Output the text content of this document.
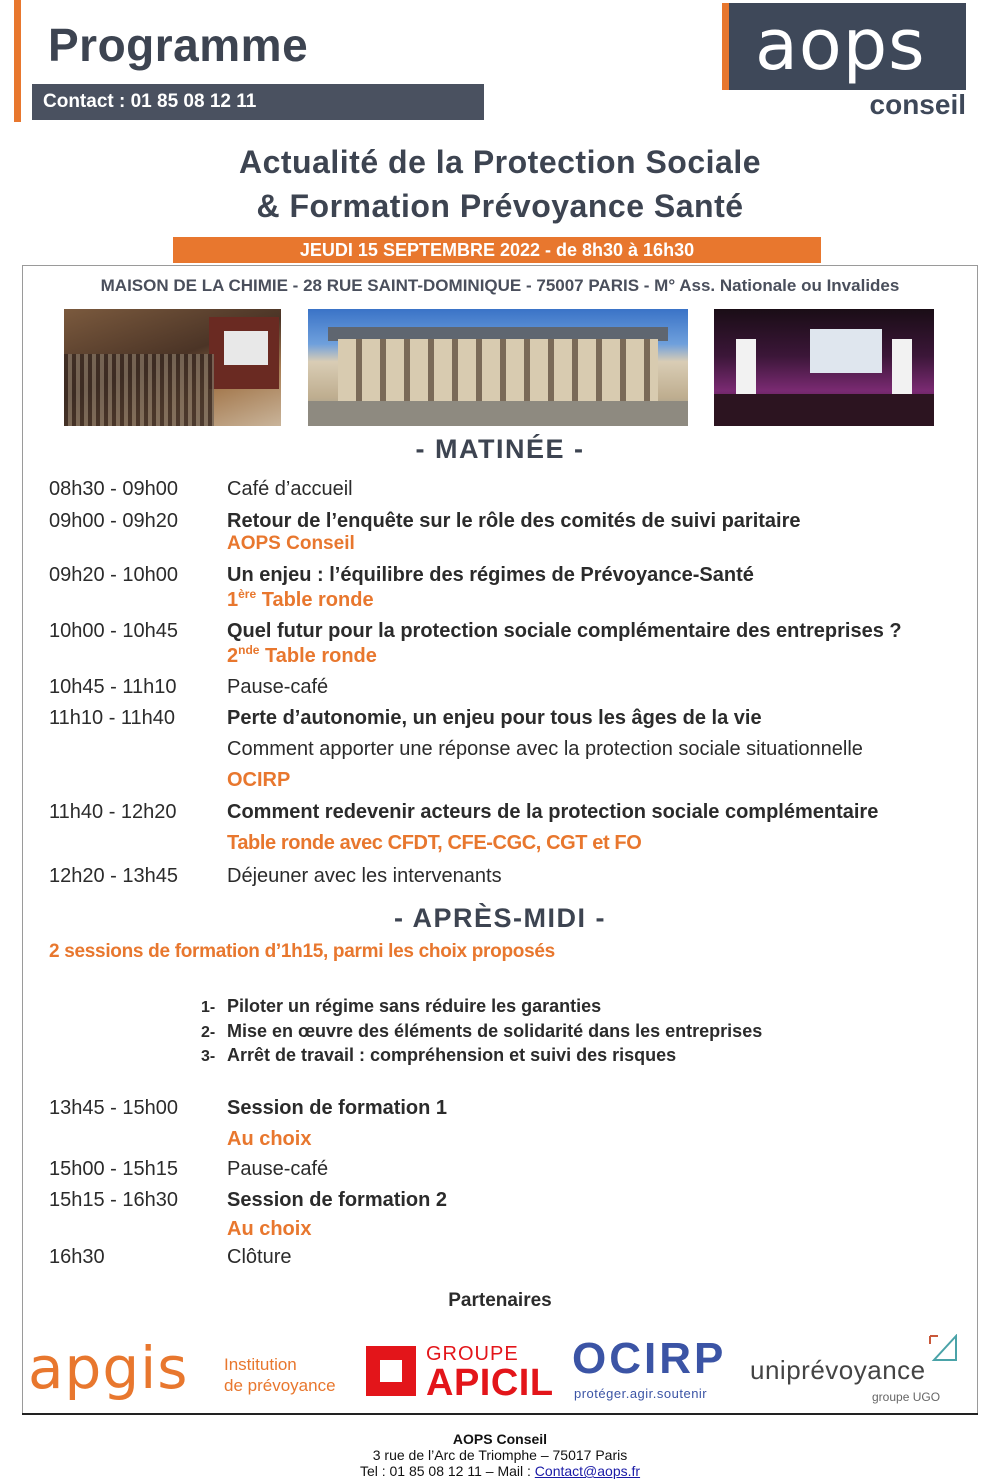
Programme
Contact : 01 85 08 12 11
aops
conseil
Actualité de la Protection Sociale
& Formation Prévoyance Santé
JEUDI 15 SEPTEMBRE 2022 - de 8h30 à 16h30
MAISON DE LA CHIMIE - 28 RUE SAINT-DOMINIQUE - 75007 PARIS - M° Ass. Nationale ou Invalides
- MATINÉE -
08h30 - 09h00	Café d’accueil
09h00 - 09h20	Retour de l’enquête sur le rôle des comités de suivi paritaire
AOPS Conseil
09h20 - 10h00	Un enjeu : l’équilibre des régimes de Prévoyance-Santé
1ère Table ronde
10h00 - 10h45	Quel futur pour la protection sociale complémentaire des entreprises ?
2nde Table ronde
10h45 - 11h10	Pause-café
11h10 - 11h40	Perte d’autonomie, un enjeu pour tous les âges de la vie
Comment apporter une réponse avec la protection sociale situationnelle
OCIRP
11h40 - 12h20	Comment redevenir acteurs de la protection sociale complémentaire
Table ronde avec CFDT, CFE-CGC, CGT et FO
12h20 - 13h45	Déjeuner avec les intervenants
- APRÈS-MIDI -
2 sessions de formation d’1h15, parmi les choix proposés
1- Piloter un régime sans réduire les garanties
2- Mise en œuvre des éléments de solidarité dans les entreprises
3- Arrêt de travail : compréhension et suivi des risques
13h45 - 15h00	Session de formation 1
Au choix
15h00 - 15h15	Pause-café
15h15 - 16h30	Session de formation 2
Au choix
16h30	Clôture
Partenaires
apgis Institution
de prévoyance
GROUPE
APICIL OCIRP
protéger.agir.soutenir
uniprévoyance
groupe UGO
AOPS Conseil
3 rue de l’Arc de Triomphe – 75017 Paris
Tel : 01 85 08 12 11 – Mail : Contact@aops.fr
